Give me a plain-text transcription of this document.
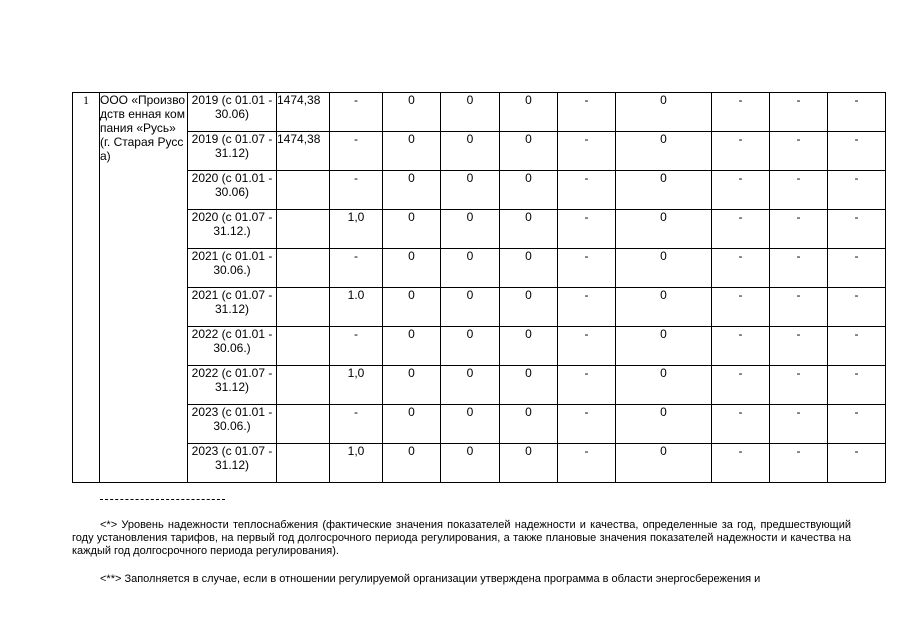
1	ООО «Производств енная компания «Русь» (г. Старая Русса)	2019 (с 01.01 - 30.06)	1474,38	-	0	0	0	-	0	-	-	-
		2019 (с 01.07 - 31.12)	1474,38	-	0	0	0	-	0	-	-	-
		2020 (с 01.01 - 30.06)		-	0	0	0	-	0	-	-	-
		2020 (с 01.07 - 31.12.)		1,0	0	0	0	-	0	-	-	-
		2021 (с 01.01 - 30.06.)		-	0	0	0	-	0	-	-	-
		2021 (с 01.07 - 31.12)		1.0	0	0	0	-	0	-	-	-
		2022 (с 01.01 - 30.06.)		-	0	0	0	-	0	-	-	-
		2022 (с 01.07 - 31.12)		1,0	0	0	0	-	0	-	-	-
		2023 (с 01.01 - 30.06.)		-	0	0	0	-	0	-	-	-
		2023 (с 01.07 - 31.12)		1,0	0	0	0	-	0	-	-	-

<*> Уровень надежности теплоснабжения (фактические значения показателей надежности и качества, определенные за год, предшествующий году установления тарифов, на первый год долгосрочного периода регулирования, а также плановые значения показателей надежности и качества на каждый год долгосрочного периода регулирования).

<**> Заполняется в случае, если в отношении регулируемой организации утверждена программа в области энергосбережения и
